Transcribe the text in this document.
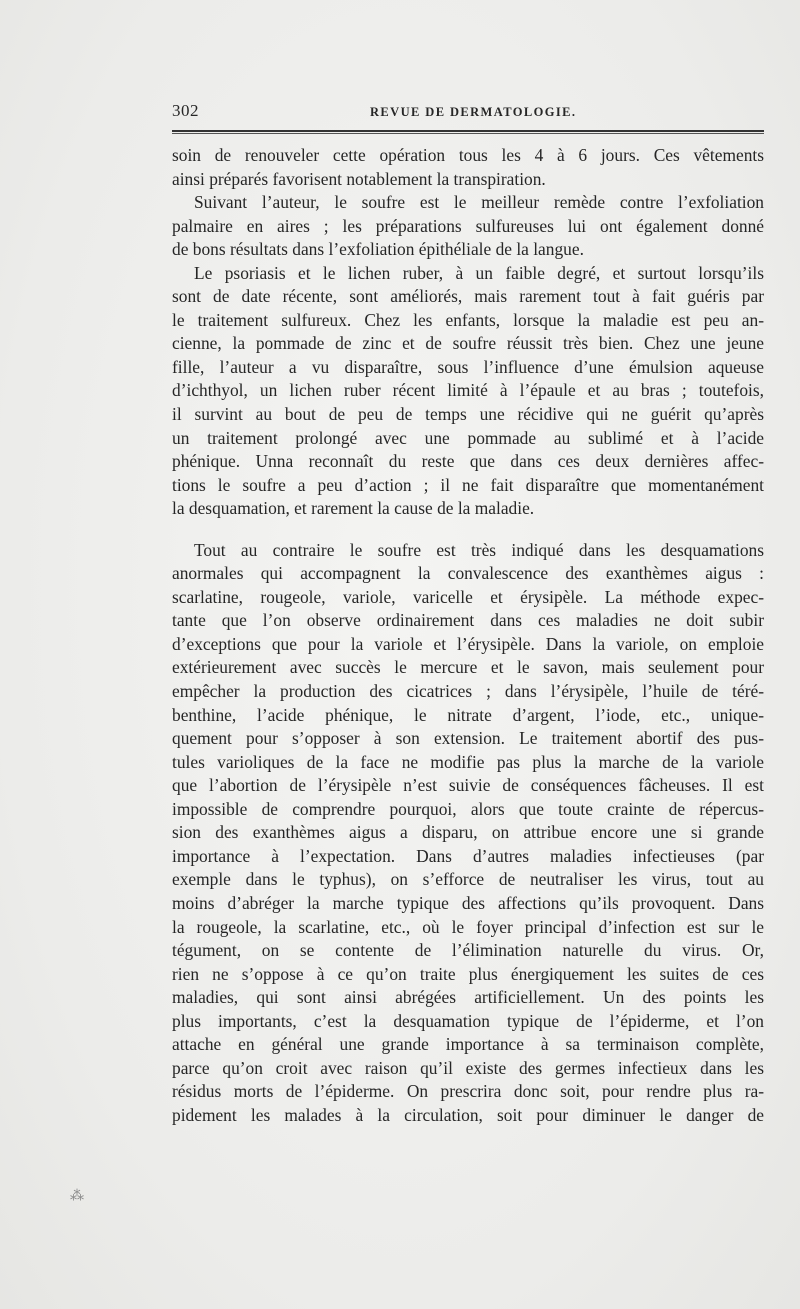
302	REVUE DE DERMATOLOGIE.
soin de renouveler cette opération tous les 4 à 6 jours. Ces vêtements
ainsi préparés favorisent notablement la transpiration.
Suivant l’auteur, le soufre est le meilleur remède contre l’exfoliation
palmaire en aires ; les préparations sulfureuses lui ont également donné
de bons résultats dans l’exfoliation épithéliale de la langue.
Le psoriasis et le lichen ruber, à un faible degré, et surtout lorsqu’ils
sont de date récente, sont améliorés, mais rarement tout à fait guéris par
le traitement sulfureux. Chez les enfants, lorsque la maladie est peu an-
cienne, la pommade de zinc et de soufre réussit très bien. Chez une jeune
fille, l’auteur a vu disparaître, sous l’influence d’une émulsion aqueuse
d’ichthyol, un lichen ruber récent limité à l’épaule et au bras ; toutefois,
il survint au bout de peu de temps une récidive qui ne guérit qu’après
un traitement prolongé avec une pommade au sublimé et à l’acide
phénique. Unna reconnaît du reste que dans ces deux dernières affec-
tions le soufre a peu d’action ; il ne fait disparaître que momentanément
la desquamation, et rarement la cause de la maladie.
Tout au contraire le soufre est très indiqué dans les desquamations
anormales qui accompagnent la convalescence des exanthèmes aigus :
scarlatine, rougeole, variole, varicelle et érysipèle. La méthode expec-
tante que l’on observe ordinairement dans ces maladies ne doit subir
d’exceptions que pour la variole et l’érysipèle. Dans la variole, on emploie
extérieurement avec succès le mercure et le savon, mais seulement pour
empêcher la production des cicatrices ; dans l’érysipèle, l’huile de téré-
benthine, l’acide phénique, le nitrate d’argent, l’iode, etc., unique-
quement pour s’opposer à son extension. Le traitement abortif des pus-
tules varioliques de la face ne modifie pas plus la marche de la variole
que l’abortion de l’érysipèle n’est suivie de conséquences fâcheuses. Il est
impossible de comprendre pourquoi, alors que toute crainte de répercus-
sion des exanthèmes aigus a disparu, on attribue encore une si grande
importance à l’expectation. Dans d’autres maladies infectieuses (par
exemple dans le typhus), on s’efforce de neutraliser les virus, tout au
moins d’abréger la marche typique des affections qu’ils provoquent. Dans
la rougeole, la scarlatine, etc., où le foyer principal d’infection est sur le
tégument, on se contente de l’élimination naturelle du virus. Or,
rien ne s’oppose à ce qu’on traite plus énergiquement les suites de ces
maladies, qui sont ainsi abrégées artificiellement. Un des points les
plus importants, c’est la desquamation typique de l’épiderme, et l’on
attache en général une grande importance à sa terminaison complète,
parce qu’on croit avec raison qu’il existe des germes infectieux dans les
résidus morts de l’épiderme. On prescrira donc soit, pour rendre plus ra-
pidement les malades à la circulation, soit pour diminuer le danger de
⁂
